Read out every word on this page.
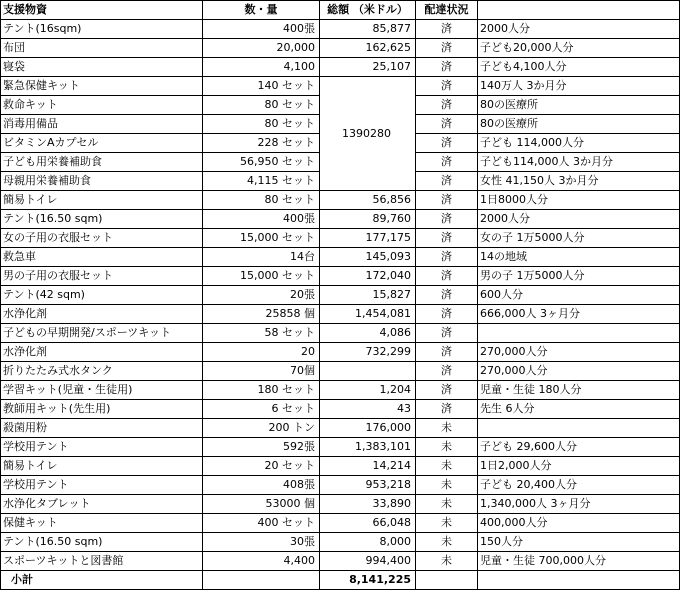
支援物資	数・量	総額 （米ドル）	配達状況	
テント(16sqm)	400張	85,877	済	2000人分
布団	20,000	162,625	済	子ども20,000人分
寝袋	4,100	25,107	済	子ども4,100人分
緊急保健キット	140 セット	1390280	済	140万人 3か月分
救命キット	80 セット		済	80の医療所
消毒用備品	80 セット		済	80の医療所
ビタミンAカプセル	228 セット		済	子ども 114,000人分
子ども用栄養補助食	56,950 セット		済	子ども114,000人 3か月分
母親用栄養補助食	4,115 セット		済	女性 41,150人 3か月分
簡易トイレ	80 セット	56,856	済	1日8000人分
テント(16.50 sqm)	400張	89,760	済	2000人分
女の子用の衣服セット	15,000 セット	177,175	済	女の子 1万5000人分
救急車	14台	145,093	済	14の地域
男の子用の衣服セット	15,000 セット	172,040	済	男の子 1万5000人分
テント(42 sqm)	20張	15,827	済	600人分
水浄化剤	25858 個	1,454,081	済	666,000人 3ヶ月分
子どもの早期開発/スポーツキット	58 セット	4,086	済	
水浄化剤	20	732,299	済	270,000人分
折りたたみ式水タンク	70個		済	270,000人分
学習キット(児童・生徒用)	180 セット	1,204	済	児童・生徒 180人分
教師用キット(先生用)	6 セット	43	済	先生 6人分
殺菌用粉	200 トン	176,000	未	
学校用テント	592張	1,383,101	未	子ども 29,600人分
簡易トイレ	20 セット	14,214	未	1日2,000人分
学校用テント	408張	953,218	未	子ども 20,400人分
水浄化タブレット	53000 個	33,890	未	1,340,000人 3ヶ月分
保健キット	400 セット	66,048	未	400,000人分
テント(16.50 sqm)	30張	8,000	未	150人分
スポーツキットと図書館	4,400	994,400	未	児童・生徒 700,000人分
小計		8,141,225		
